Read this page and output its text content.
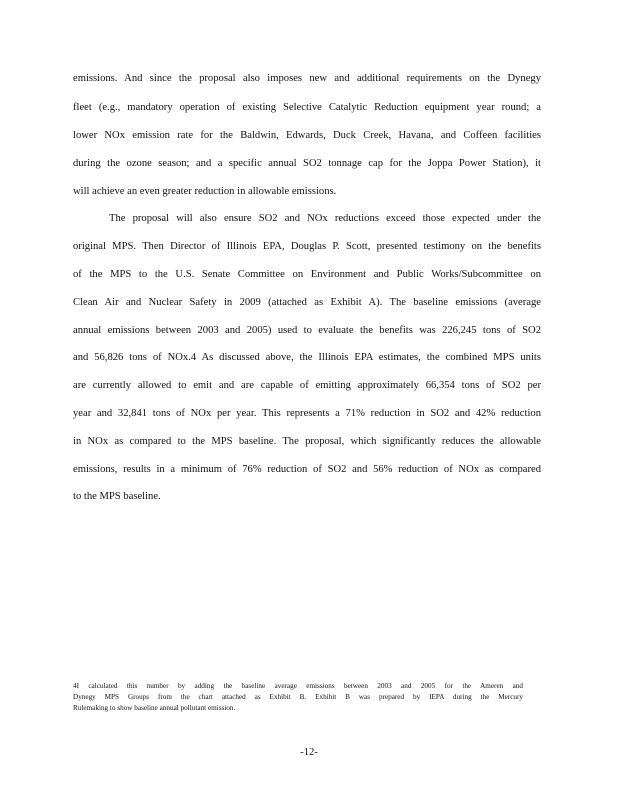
emissions. And since the proposal also imposes new and additional requirements on the Dynegy
fleet (e.g., mandatory operation of existing Selective Catalytic Reduction equipment year round; a
lower NOx emission rate for the Baldwin, Edwards, Duck Creek, Havana, and Coffeen facilities
during the ozone season; and a specific annual SO2 tonnage cap for the Joppa Power Station), it
will achieve an even greater reduction in allowable emissions.
The proposal will also ensure SO2 and NOx reductions exceed those expected under the
original MPS. Then Director of Illinois EPA, Douglas P. Scott, presented testimony on the benefits
of the MPS to the U.S. Senate Committee on Environment and Public Works/Subcommittee on
Clean Air and Nuclear Safety in 2009 (attached as Exhibit A). The baseline emissions (average
annual emissions between 2003 and 2005) used to evaluate the benefits was 226,245 tons of SO2
and 56,826 tons of NOx.4 As discussed above, the Illinois EPA estimates, the combined MPS units
are currently allowed to emit and are capable of emitting approximately 66,354 tons of SO2 per
year and 32,841 tons of NOx per year. This represents a 71% reduction in SO2 and 42% reduction
in NOx as compared to the MPS baseline. The proposal, which significantly reduces the allowable
emissions, results in a minimum of 76% reduction of SO2 and 56% reduction of NOx as compared
to the MPS baseline.
4I calculated this number by adding the baseline average emissions between 2003 and 2005 for the Ameren and
Dynegy MPS Groups from the chart attached as Exhibit B. Exhibit B was prepared by IEPA during the Mercury
Rulemaking to show baseline annual pollutant emission.
-12-
